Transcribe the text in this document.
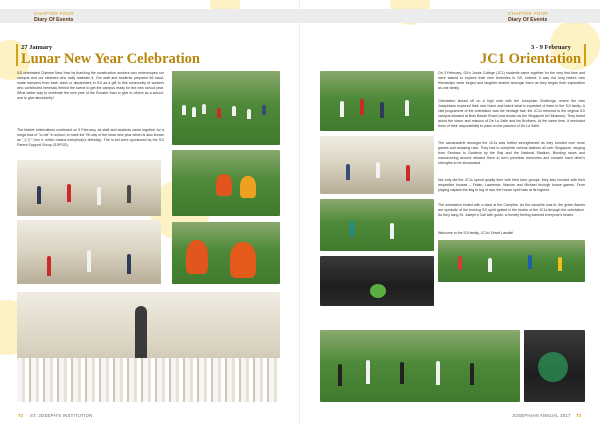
CHAPTER FOUR
Diary Of Events
27 January
Lunar New Year Celebration

SJI celebrated Chinese New Year by thanking the construction workers who redeveloped our campus and our cleaners who daily maintain it. Our staff and students prepared 66 hand-made hampers from each class or department in SJI as a gift to this community of workers who contributed tirelessly behind the scene to get the campus ready for the new school year. What better way to celebrate the new year of the Rooster than to give to others as a school, and to give abundantly!

The festive celebrations continued on 3 February, as staff and students came together for a mega toss of "lo-hei" in school, to mark the 7th day of the lunar new year which is also known as “人日” (ren ri, which means everybody's birthday). The lo-hei were sponsored by the SJI Parent Support Group (SJIPSG).

72 ST. JOSEPH'S INSTITUTION
CHAPTER FOUR
Diary Of Events
3 - 9 February
JC1 Orientation

On 3 February, SJI's Junior College (JC1) students came together for the very first time and were tasked to explore their new territories in SJI. Indeed, it was not long before new friendships were forged and laughter shared amongst them as they began their exploration as one family.

Orientation kicked off on a high note with the Josephian Challenge, where the new Josephians explored their new home and learnt what is expected of them in the SJI family. A visit programme of the orientation was the heritage trail, the JC1s returned to the original SJI campus situated at Bras Basah Road (now known as the Singapore Art Museum). They learnt about the vision and mission of De La Salle and his Brothers. At the same time, it reminded them of their responsibility to pass on the passion of De La Salle.

The camaraderie amongst the JC1s was further strengthened as they bonded over more games and amazing race. They had to complete various stations all over Singapore, ranging from Sentosa to Gardens by the Bay and the National Stadium. Bonding races and manoeuvring around allowed them to form priceless memories and showed each other's strengths to be showcased.

Not only did the JC1s spend quality time with their tutor groups, they also bonded with their respective houses – Finlan, Lawrence, Marcan and Michael through house games. From playing captain the flag to tug of war, the house spirit was at its highest.

The orientation ended with a blast at the Campfire. As the campfire was lit, the green flames are symbolic of the burning SJI spirit ignited in the hearts of the JC1s through the orientation. As they sang St. Joseph's Call with gusto, a homely feeling warmed everyone's hearts.

Welcome to the SJI family, JC1s! Onset Lasalle!

JOSEPHIAN ANNUAL 2017 73
